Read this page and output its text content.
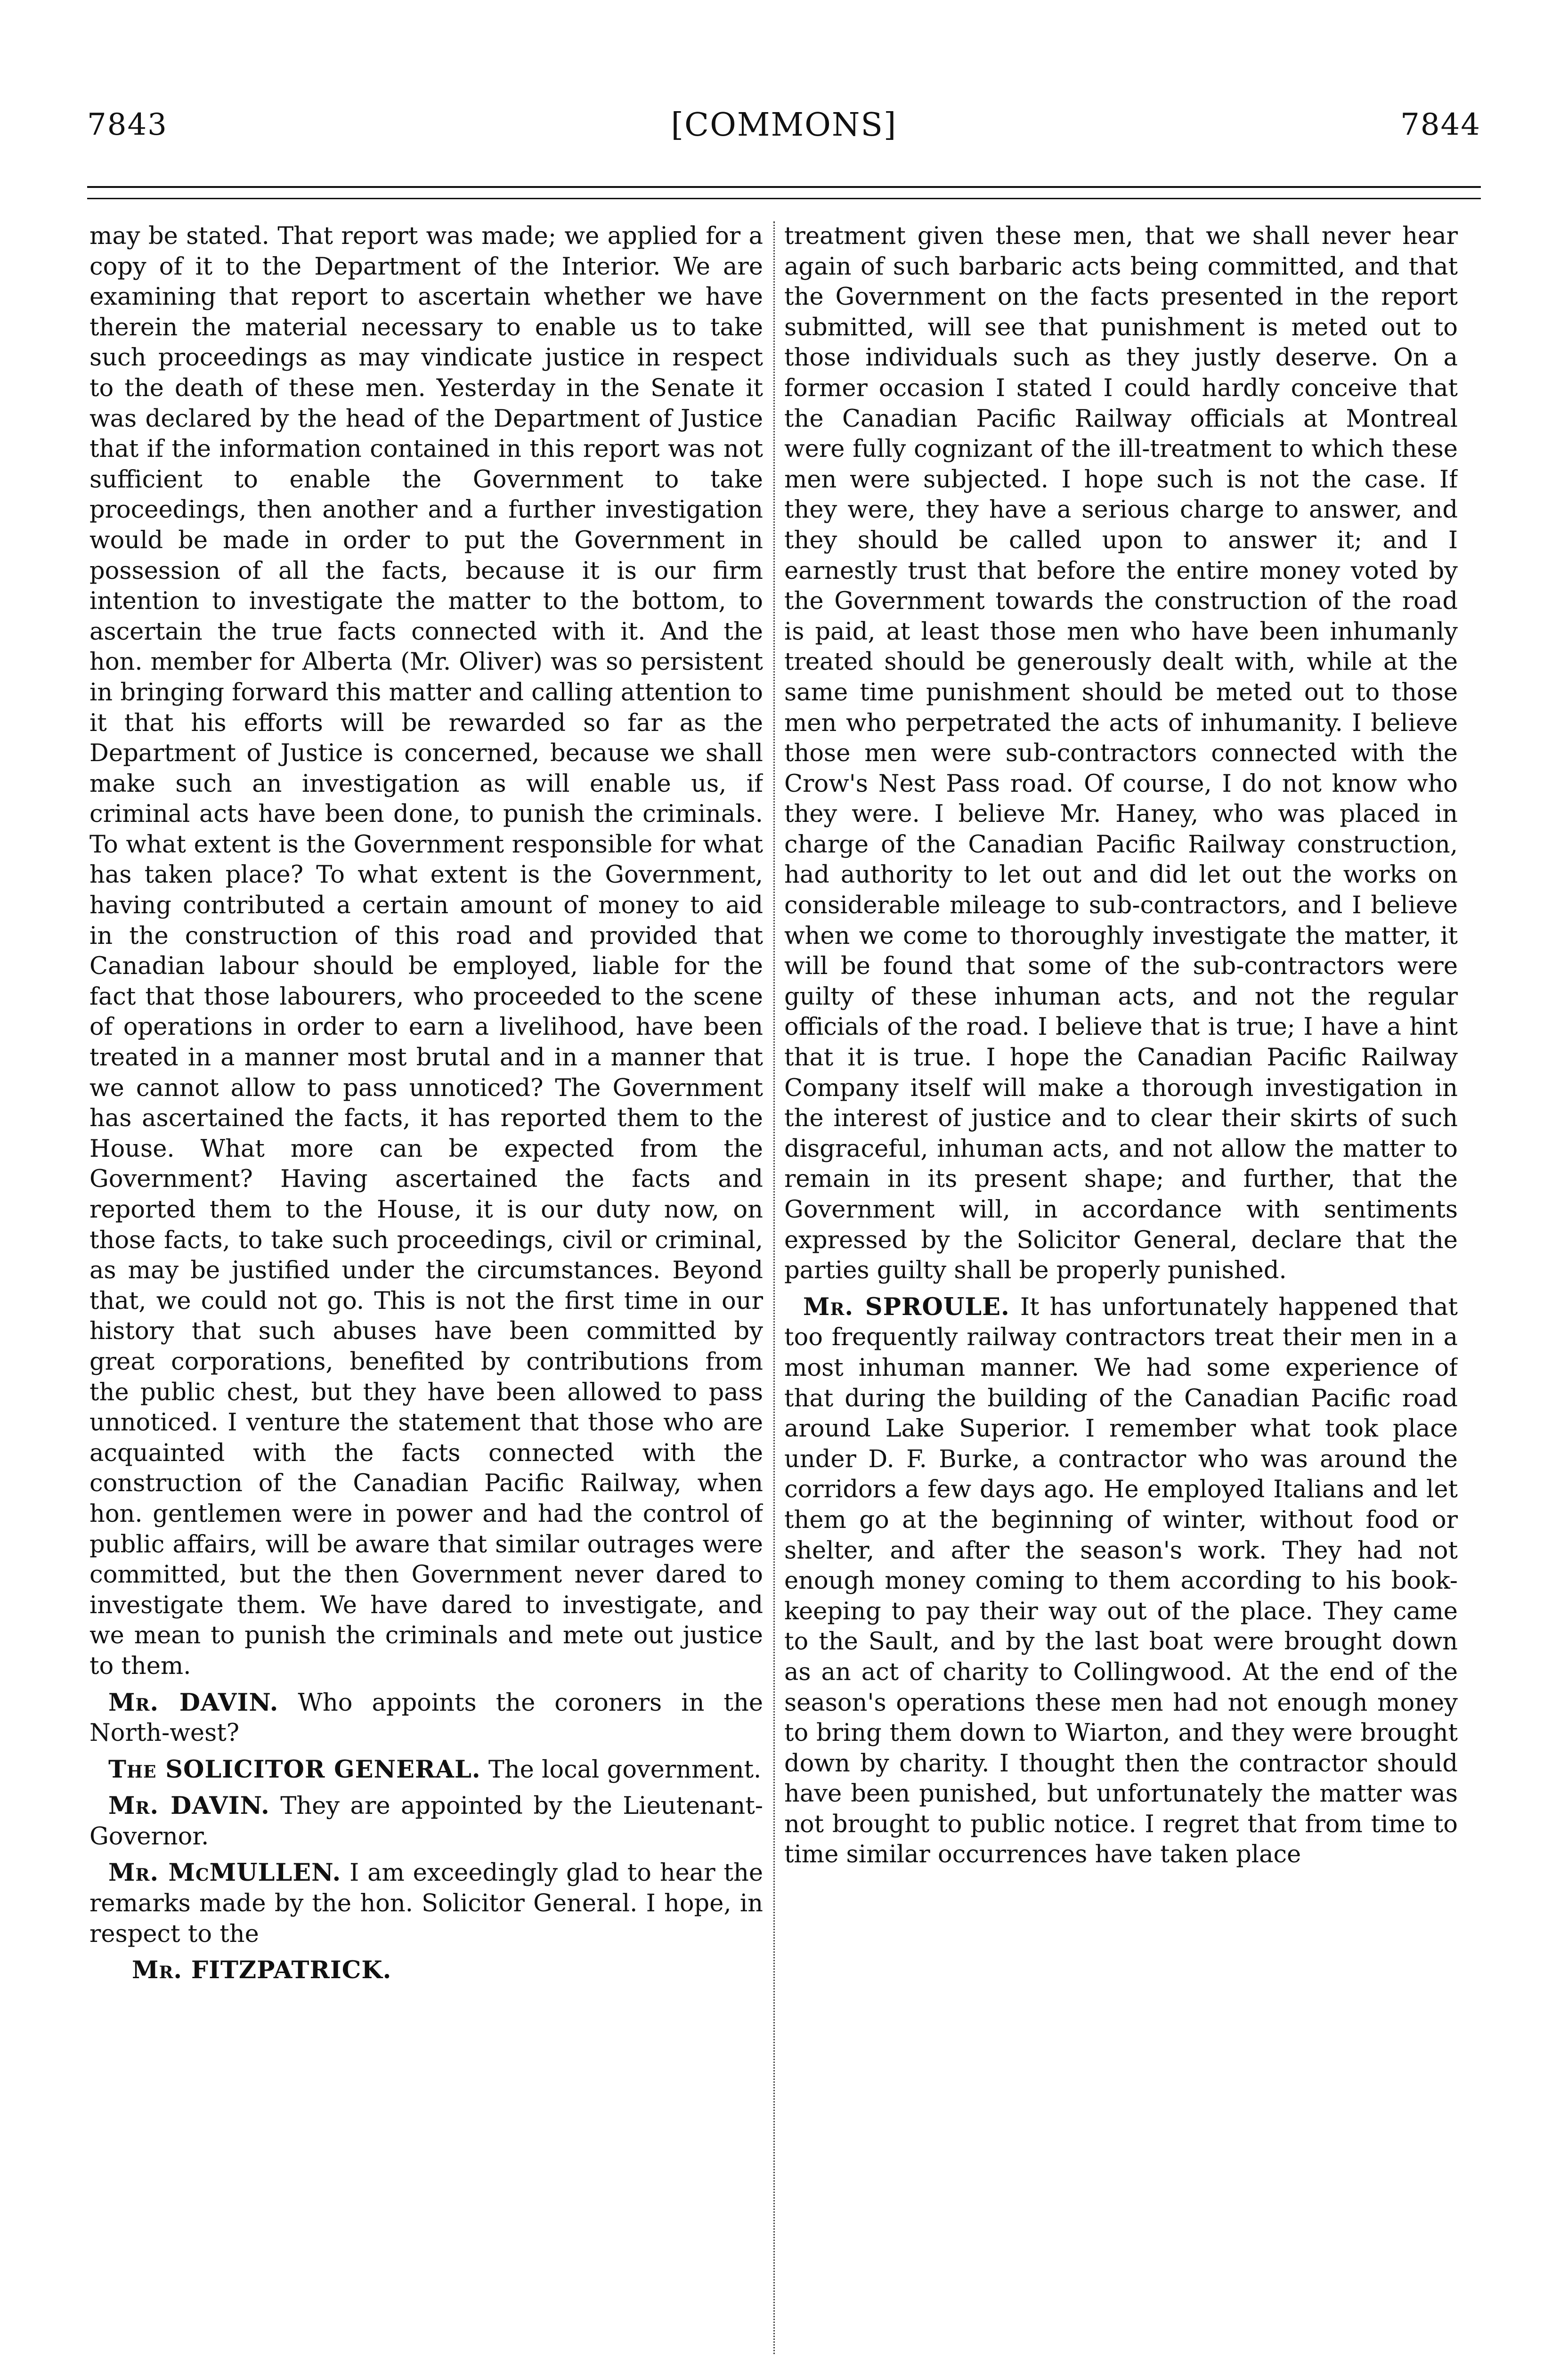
7843	[COMMONS]	7844

may be stated. That report was made; we applied for a copy of it to the Department of the Interior. We are examining that report to ascertain whether we have therein the material necessary to enable us to take such proceedings as may vindicate justice in respect to the death of these men. Yesterday in the Senate it was declared by the head of the Department of Justice that if the information contained in this report was not sufficient to enable the Government to take proceedings, then another and a further investigation would be made in order to put the Government in possession of all the facts, because it is our firm intention to investigate the matter to the bottom, to ascertain the true facts connected with it. And the hon. member for Alberta (Mr. Oliver) was so persistent in bringing forward this matter and calling attention to it that his efforts will be rewarded so far as the Department of Justice is concerned, because we shall make such an investigation as will enable us, if criminal acts have been done, to punish the criminals. To what extent is the Government responsible for what has taken place? To what extent is the Government, having contributed a certain amount of money to aid in the construction of this road and provided that Canadian labour should be employed, liable for the fact that those labourers, who proceeded to the scene of operations in order to earn a livelihood, have been treated in a manner most brutal and in a manner that we cannot allow to pass unnoticed? The Government has ascertained the facts, it has reported them to the House. What more can be expected from the Government? Having ascertained the facts and reported them to the House, it is our duty now, on those facts, to take such proceedings, civil or criminal, as may be justified under the circumstances. Beyond that, we could not go. This is not the first time in our history that such abuses have been committed by great corporations, benefited by contributions from the public chest, but they have been allowed to pass unnoticed. I venture the statement that those who are acquainted with the facts connected with the construction of the Canadian Pacific Railway, when hon. gentlemen were in power and had the control of public affairs, will be aware that similar outrages were committed, but the then Government never dared to investigate them. We have dared to investigate, and we mean to punish the criminals and mete out justice to them.

Mr. DAVIN. Who appoints the coroners in the North-west?

The SOLICITOR GENERAL. The local government.

Mr. DAVIN. They are appointed by the Lieutenant-Governor.

Mr. McMULLEN. I am exceedingly glad to hear the remarks made by the hon. Solicitor General. I hope, in respect to the

Mr. FITZPATRICK.

treatment given these men, that we shall never hear again of such barbaric acts being committed, and that the Government on the facts presented in the report submitted, will see that punishment is meted out to those individuals such as they justly deserve. On a former occasion I stated I could hardly conceive that the Canadian Pacific Railway officials at Montreal were fully cognizant of the ill-treatment to which these men were subjected. I hope such is not the case. If they were, they have a serious charge to answer, and they should be called upon to answer it; and I earnestly trust that before the entire money voted by the Government towards the construction of the road is paid, at least those men who have been inhumanly treated should be generously dealt with, while at the same time punishment should be meted out to those men who perpetrated the acts of inhumanity. I believe those men were sub-contractors connected with the Crow's Nest Pass road. Of course, I do not know who they were. I believe Mr. Haney, who was placed in charge of the Canadian Pacific Railway construction, had authority to let out and did let out the works on considerable mileage to sub-contractors, and I believe when we come to thoroughly investigate the matter, it will be found that some of the sub-contractors were guilty of these inhuman acts, and not the regular officials of the road. I believe that is true; I have a hint that it is true. I hope the Canadian Pacific Railway Company itself will make a thorough investigation in the interest of justice and to clear their skirts of such disgraceful, inhuman acts, and not allow the matter to remain in its present shape; and further, that the Government will, in accordance with sentiments expressed by the Solicitor General, declare that the parties guilty shall be properly punished.

Mr. SPROULE. It has unfortunately happened that too frequently railway contractors treat their men in a most inhuman manner. We had some experience of that during the building of the Canadian Pacific road around Lake Superior. I remember what took place under D. F. Burke, a contractor who was around the corridors a few days ago. He employed Italians and let them go at the beginning of winter, without food or shelter, and after the season's work. They had not enough money coming to them according to his book-keeping to pay their way out of the place. They came to the Sault, and by the last boat were brought down as an act of charity to Collingwood. At the end of the season's operations these men had not enough money to bring them down to Wiarton, and they were brought down by charity. I thought then the contractor should have been punished, but unfortunately the matter was not brought to public notice. I regret that from time to time similar occurrences have taken place
